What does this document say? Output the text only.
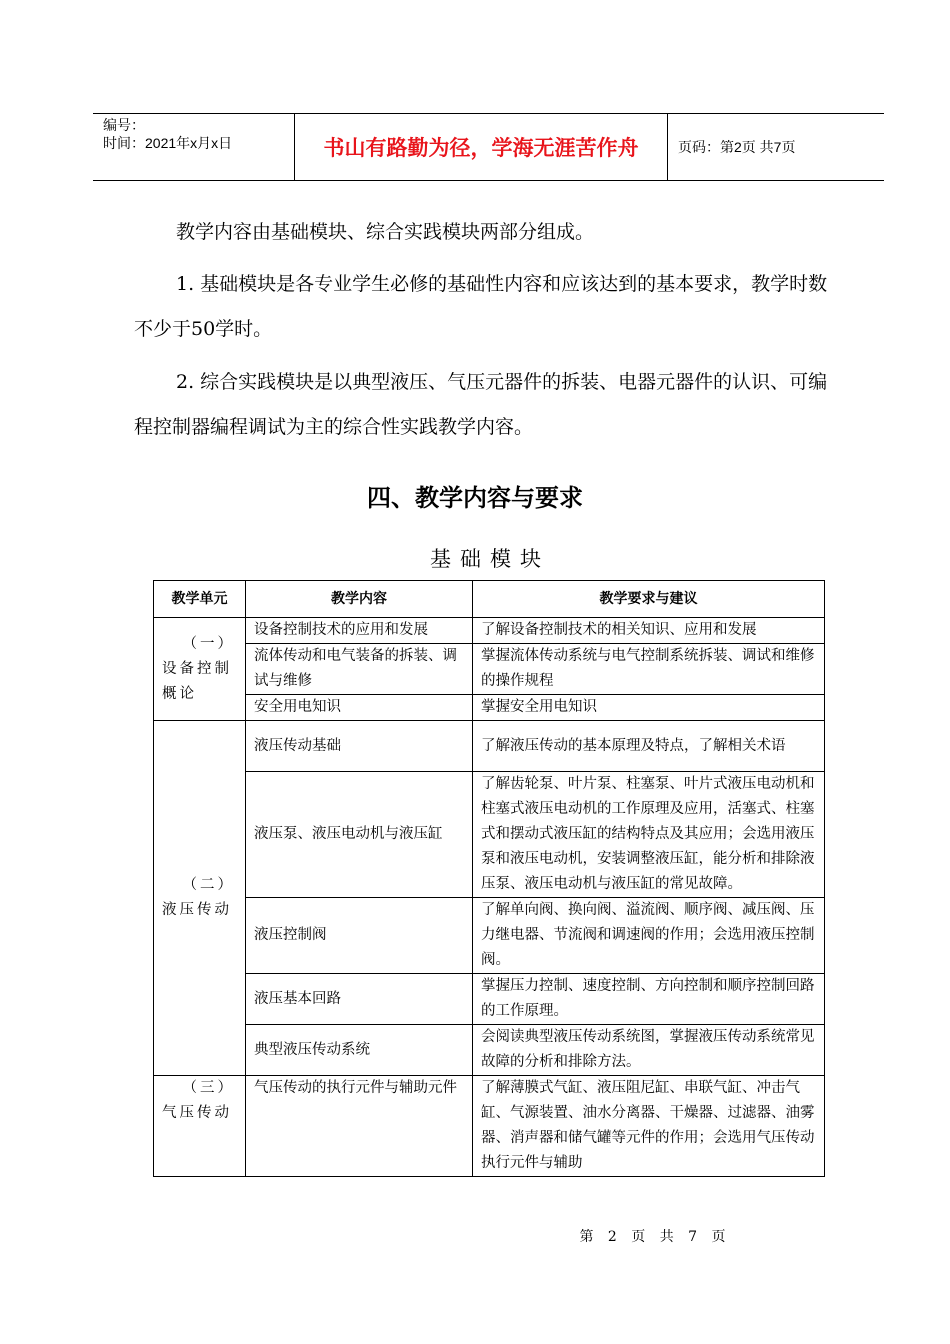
编号：
时间：2021年x月x日	书山有路勤为径，学海无涯苦作舟	页码：第2页 共7页

教学内容由基础模块、综合实践模块两部分组成。

1. 基础模块是各专业学生必修的基础性内容和应该达到的基本要求，教学时数不少于50学时。

2. 综合实践模块是以典型液压、气压元器件的拆装、电器元器件的认识、可编程控制器编程调试为主的综合性实践教学内容。

四、教学内容与要求
基础模块
教学单元	教学内容	教学要求与建议

（一）
设备控制概论	设备控制技术的应用和发展	了解设备控制技术的相关知识、应用和发展
	流体传动和电气装备的拆装、调试与维修	掌握流体传动系统与电气控制系统拆装、调试和维修的操作规程
	安全用电知识	掌握安全用电知识

（二）
液压传动	液压传动基础	了解液压传动的基本原理及特点，了解相关术语
	液压泵、液压电动机与液压缸	了解齿轮泵、叶片泵、柱塞泵、叶片式液压电动机和柱塞式液压电动机的工作原理及应用，活塞式、柱塞式和摆动式液压缸的结构特点及其应用；会选用液压泵和液压电动机，安装调整液压缸，能分析和排除液压泵、液压电动机与液压缸的常见故障。
	液压控制阀	了解单向阀、换向阀、溢流阀、顺序阀、减压阀、压力继电器、节流阀和调速阀的作用；会选用液压控制阀。
	液压基本回路	掌握压力控制、速度控制、方向控制和顺序控制回路的工作原理。
	典型液压传动系统	会阅读典型液压传动系统图，掌握液压传动系统常见故障的分析和排除方法。

（三）
气压传动	气压传动的执行元件与辅助元件	了解薄膜式气缸、液压阻尼缸、串联气缸、冲击气缸、气源装置、油水分离器、干燥器、过滤器、油雾器、消声器和储气罐等元件的作用；会选用气压传动执行元件与辅助
第 2 页 共 7 页
